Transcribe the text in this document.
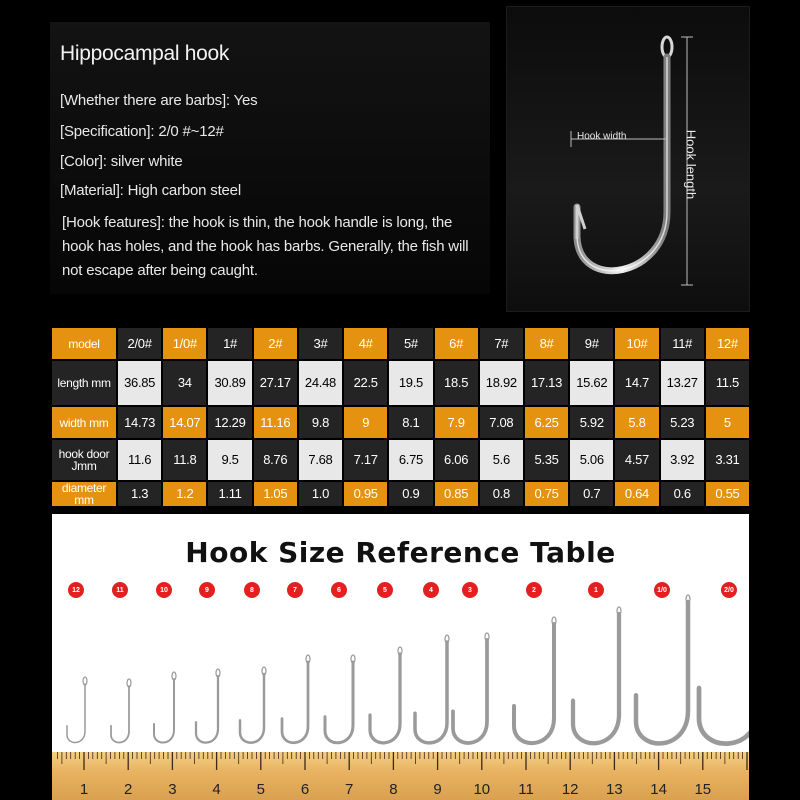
Hippocampal hook
[Whether there are barbs]: Yes
[Specification]: 2/0 #~12#
[Color]: silver white
[Material]: High carbon steel
[Hook features]: the hook is thin, the hook handle is long, the hook has holes, and the hook has barbs. Generally, the fish will not escape after being caught.
Hook width	Hook length
model	2/0#	1/0#	1#	2#	3#	4#	5#	6#	7#	8#	9#	10#	11#	12#
length mm	36.85	34	30.89	27.17	24.48	22.5	19.5	18.5	18.92	17.13	15.62	14.7	13.27	11.5
width mm	14.73	14.07	12.29	11.16	9.8	9	8.1	7.9	7.08	6.25	5.92	5.8	5.23	5
hook door Jmm	11.6	11.8	9.5	8.76	7.68	7.17	6.75	6.06	5.6	5.35	5.06	4.57	3.92	3.31
diameter mm	1.3	1.2	1.11	1.05	1.0	0.95	0.9	0.85	0.8	0.75	0.7	0.64	0.6	0.55
Hook Size Reference Table
12	11	10	9	8	7	6	5	4	3	2	1	1/0	2/0
1 2 3 4 5 6 7 8 9 10 11 12 13 14 15
